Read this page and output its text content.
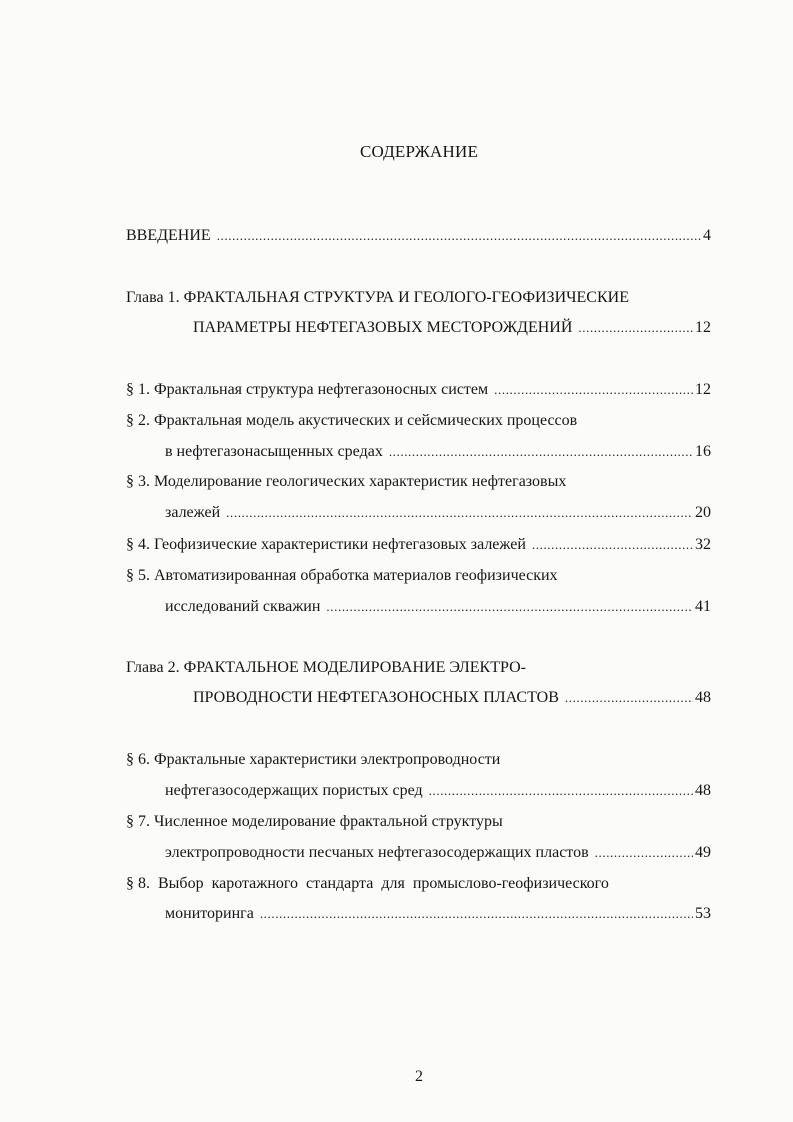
СОДЕРЖАНИЕ
ВВЕДЕНИЕ .....	4
Глава 1. ФРАКТАЛЬНАЯ СТРУКТУРА И ГЕОЛОГО-ГЕОФИЗИЧЕСКИЕ
ПАРАМЕТРЫ НЕФТЕГАЗОВЫХ МЕСТОРОЖДЕНИЙ .....	12
§ 1. Фрактальная структура нефтегазоносных систем .....	12
§ 2. Фрактальная модель акустических и сейсмических процессов
в нефтегазонасыщенных средах .....	16
§ 3. Моделирование геологических характеристик нефтегазовых
залежей .....	20
§ 4. Геофизические характеристики нефтегазовых залежей .....	32
§ 5. Автоматизированная обработка материалов геофизических
исследований скважин .....	41
Глава 2. ФРАКТАЛЬНОЕ МОДЕЛИРОВАНИЕ ЭЛЕКТРО-
ПРОВОДНОСТИ НЕФТЕГАЗОНОСНЫХ ПЛАСТОВ .....	48
§ 6. Фрактальные характеристики электропроводности
нефтегазосодержащих пористых сред .....	48
§ 7. Численное моделирование фрактальной структуры
электропроводности песчаных нефтегазосодержащих пластов .....	49
§ 8.  Выбор  каротажного  стандарта  для  промыслово-геофизического
мониторинга .....	53
2
